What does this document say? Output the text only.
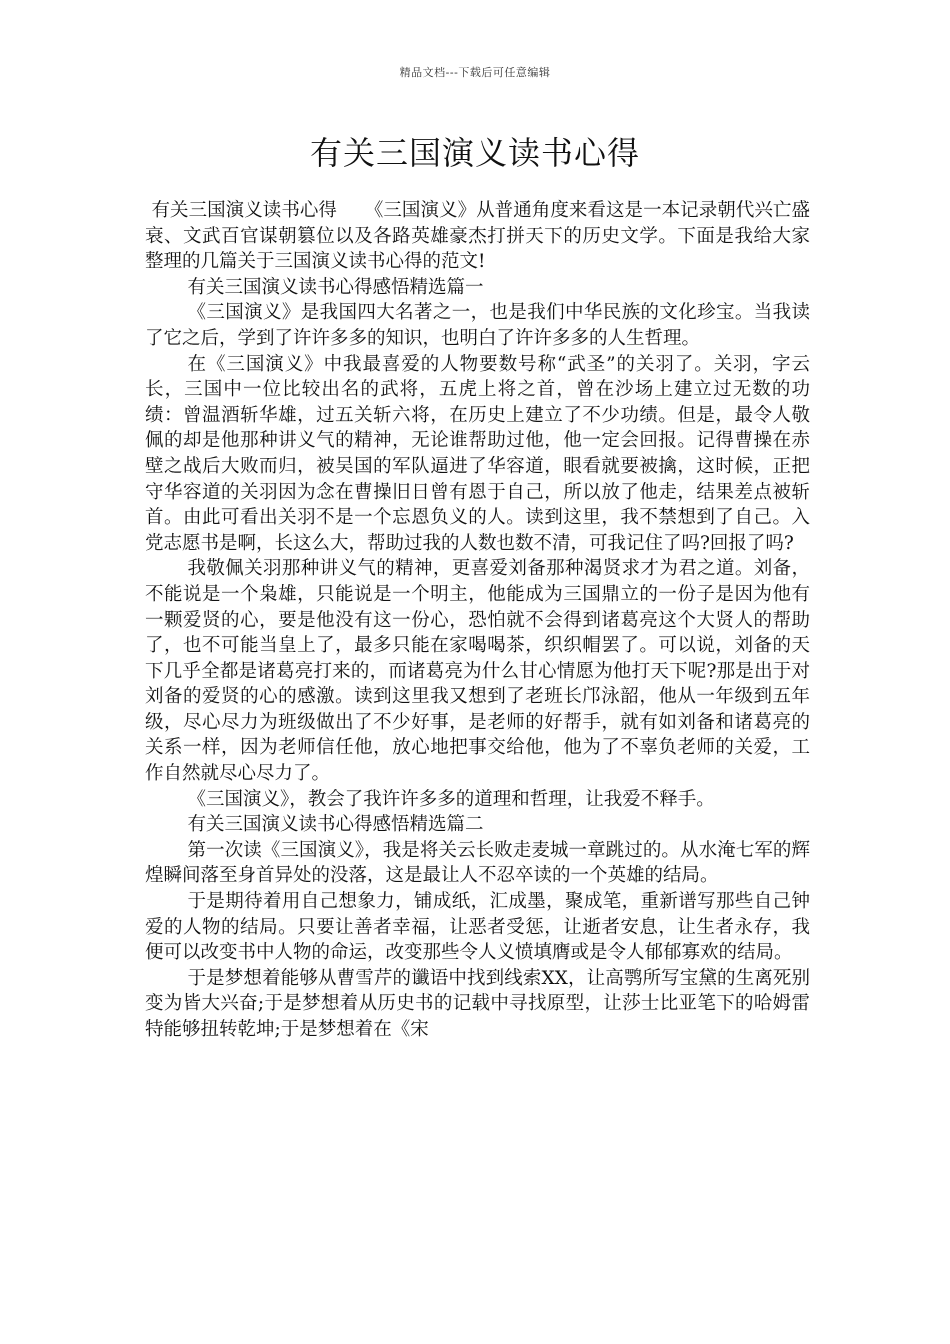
精品文档---下载后可任意编辑
有关三国演义读书心得

有关三国演义读书心得　　《三国演义》从普通角度来看这是一本记录朝代兴亡盛衰、文武百官谋朝篡位以及各路英雄豪杰打拼天下的历史文学。下面是我给大家整理的几篇关于三国演义读书心得的范文!

有关三国演义读书心得感悟精选篇一

《三国演义》是我国四大名著之一，也是我们中华民族的文化珍宝。当我读了它之后，学到了许许多多的知识，也明白了许许多多的人生哲理。

在《三国演义》中我最喜爱的人物要数号称“武圣”的关羽了。关羽，字云长，三国中一位比较出名的武将，五虎上将之首，曾在沙场上建立过无数的功绩：曾温酒斩华雄，过五关斩六将，在历史上建立了不少功绩。但是，最令人敬佩的却是他那种讲义气的精神，无论谁帮助过他，他一定会回报。记得曹操在赤壁之战后大败而归，被吴国的军队逼进了华容道，眼看就要被擒，这时候，正把守华容道的关羽因为念在曹操旧日曾有恩于自己，所以放了他走，结果差点被斩首。由此可看出关羽不是一个忘恩负义的人。读到这里，我不禁想到了自己。入党志愿书是啊，长这么大，帮助过我的人数也数不清，可我记住了吗?回报了吗?

我敬佩关羽那种讲义气的精神，更喜爱刘备那种渴贤求才为君之道。刘备，不能说是一个枭雄，只能说是一个明主，他能成为三国鼎立的一份子是因为他有一颗爱贤的心，要是他没有这一份心，恐怕就不会得到诸葛亮这个大贤人的帮助了，也不可能当皇上了，最多只能在家喝喝茶，织织帽罢了。可以说，刘备的天下几乎全都是诸葛亮打来的，而诸葛亮为什么甘心情愿为他打天下呢?那是出于对刘备的爱贤的心的感激。读到这里我又想到了老班长邝泳韶，他从一年级到五年级，尽心尽力为班级做出了不少好事，是老师的好帮手，就有如刘备和诸葛亮的关系一样，因为老师信任他，放心地把事交给他，他为了不辜负老师的关爱，工作自然就尽心尽力了。

《三国演义》，教会了我许许多多的道理和哲理，让我爱不释手。

有关三国演义读书心得感悟精选篇二

第一次读《三国演义》，我是将关云长败走麦城一章跳过的。从水淹七军的辉煌瞬间落至身首异处的没落，这是最让人不忍卒读的一个英雄的结局。

于是期待着用自己想象力，铺成纸，汇成墨，聚成笔，重新谱写那些自己钟爱的人物的结局。只要让善者幸福，让恶者受惩，让逝者安息，让生者永存，我便可以改变书中人物的命运，改变那些令人义愤填膺或是令人郁郁寡欢的结局。

于是梦想着能够从曹雪芹的谶语中找到线索XX，让高鹗所写宝黛的生离死别变为皆大兴奋;于是梦想着从历史书的记载中寻找原型，让莎士比亚笔下的哈姆雷特能够扭转乾坤;于是梦想着在《宋
